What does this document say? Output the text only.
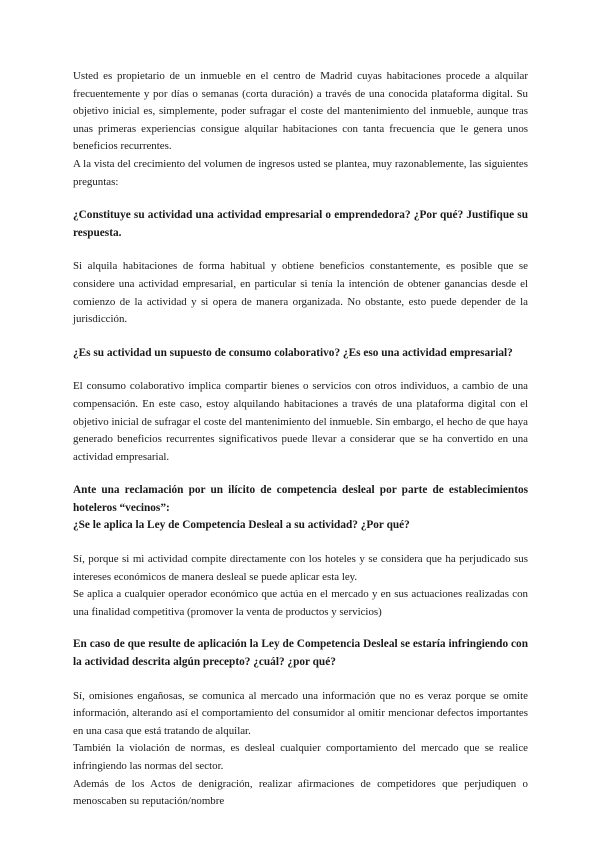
Usted es propietario de un inmueble en el centro de Madrid cuyas habitaciones procede a alquilar frecuentemente y por días o semanas (corta duración) a través de una conocida plataforma digital. Su objetivo inicial es, simplemente, poder sufragar el coste del mantenimiento del inmueble, aunque tras unas primeras experiencias consigue alquilar habitaciones con tanta frecuencia que le genera unos beneficios recurrentes.

A la vista del crecimiento del volumen de ingresos usted se plantea, muy razonablemente, las siguientes preguntas:

¿Constituye su actividad una actividad empresarial o emprendedora? ¿Por qué? Justifique su respuesta.

Si alquila habitaciones de forma habitual y obtiene beneficios constantemente, es posible que se considere una actividad empresarial, en particular si tenía la intención de obtener ganancias desde el comienzo de la actividad y si opera de manera organizada. No obstante, esto puede depender de la jurisdicción.

¿Es su actividad un supuesto de consumo colaborativo? ¿Es eso una actividad empresarial?

El consumo colaborativo implica compartir bienes o servicios con otros individuos, a cambio de una compensación. En este caso, estoy alquilando habitaciones a través de una plataforma digital con el objetivo inicial de sufragar el coste del mantenimiento del inmueble. Sin embargo, el hecho de que haya generado beneficios recurrentes significativos puede llevar a considerar que se ha convertido en una actividad empresarial.

Ante una reclamación por un ilícito de competencia desleal por parte de establecimientos hoteleros “vecinos”:

¿Se le aplica la Ley de Competencia Desleal a su actividad? ¿Por qué?

Sí, porque si mi actividad compite directamente con los hoteles y se considera que ha perjudicado sus intereses económicos de manera desleal se puede aplicar esta ley.

Se aplica a cualquier operador económico que actúa en el mercado y en sus actuaciones realizadas con una finalidad competitiva (promover la venta de productos y servicios)

En caso de que resulte de aplicación la Ley de Competencia Desleal se estaría infringiendo con la actividad descrita algún precepto? ¿cuál? ¿por qué?

Sí, omisiones engañosas, se comunica al mercado una información que no es veraz porque se omite información, alterando así el comportamiento del consumidor al omitir mencionar defectos importantes en una casa que está tratando de alquilar.

También la violación de normas, es desleal cualquier comportamiento del mercado que se realice infringiendo las normas del sector.

Además de los Actos de denigración, realizar afirmaciones de competidores que perjudiquen o menoscaben su reputación/nombre
